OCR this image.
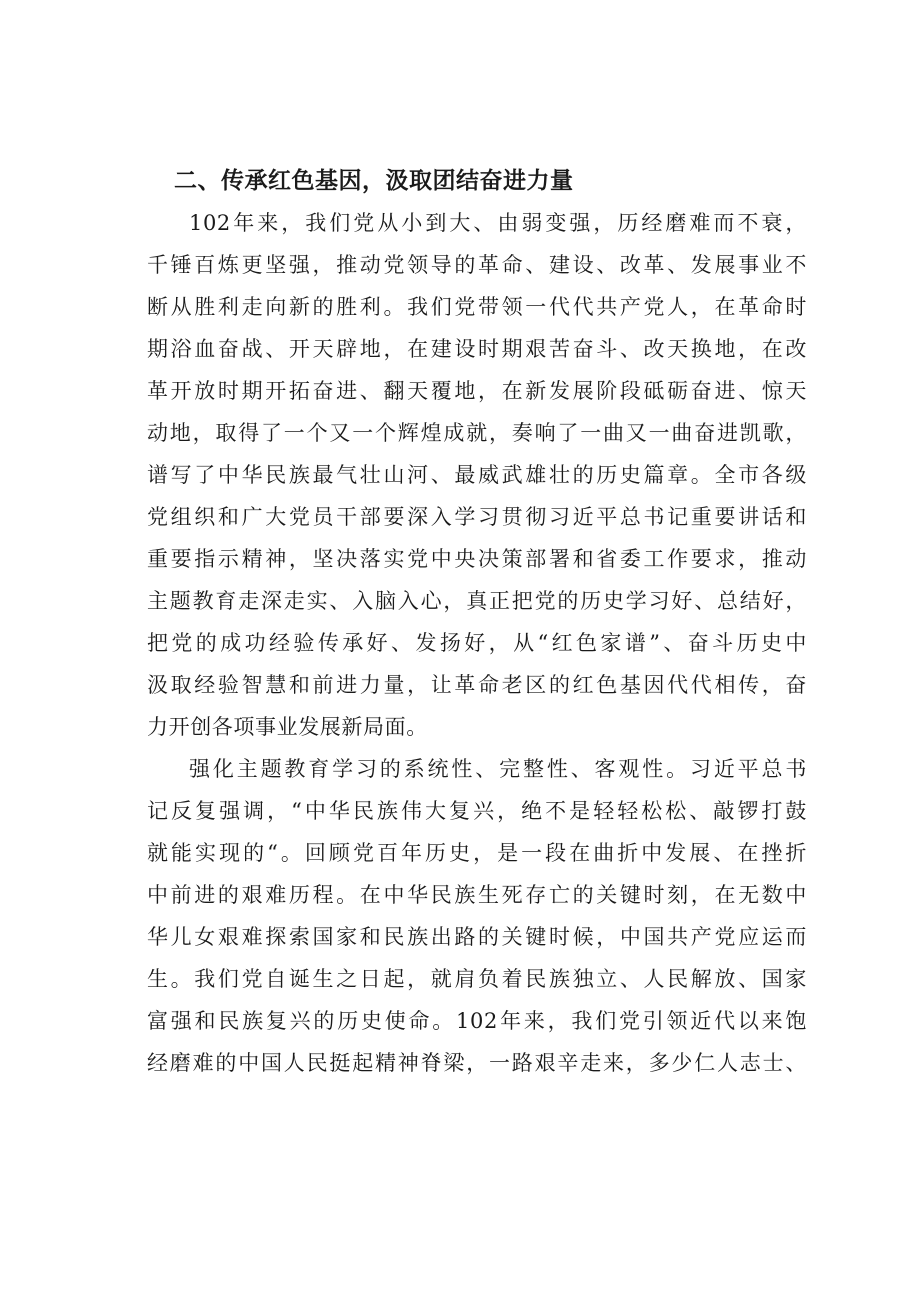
二、传承红色基因，汲取团结奋进力量

102年来，我们党从小到大、由弱变强，历经磨难而不衰，
千锤百炼更坚强，推动党领导的革命、建设、改革、发展事业不
断从胜利走向新的胜利。我们党带领一代代共产党人，在革命时
期浴血奋战、开天辟地，在建设时期艰苦奋斗、改天换地，在改
革开放时期开拓奋进、翻天覆地，在新发展阶段砥砺奋进、惊天
动地，取得了一个又一个辉煌成就，奏响了一曲又一曲奋进凯歌，
谱写了中华民族最气壮山河、最威武雄壮的历史篇章。全市各级
党组织和广大党员干部要深入学习贯彻习近平总书记重要讲话和
重要指示精神，坚决落实党中央决策部署和省委工作要求，推动
主题教育走深走实、入脑入心，真正把党的历史学习好、总结好，
把党的成功经验传承好、发扬好，从“红色家谱”、奋斗历史中
汲取经验智慧和前进力量，让革命老区的红色基因代代相传，奋
力开创各项事业发展新局面。

强化主题教育学习的系统性、完整性、客观性。习近平总书
记反复强调，“中华民族伟大复兴，绝不是轻轻松松、敲锣打鼓
就能实现的“。回顾党百年历史，是一段在曲折中发展、在挫折
中前进的艰难历程。在中华民族生死存亡的关键时刻，在无数中
华儿女艰难探索国家和民族出路的关键时候，中国共产党应运而
生。我们党自诞生之日起，就肩负着民族独立、人民解放、国家
富强和民族复兴的历史使命。102年来，我们党引领近代以来饱
经磨难的中国人民挺起精神脊梁，一路艰辛走来，多少仁人志士、
